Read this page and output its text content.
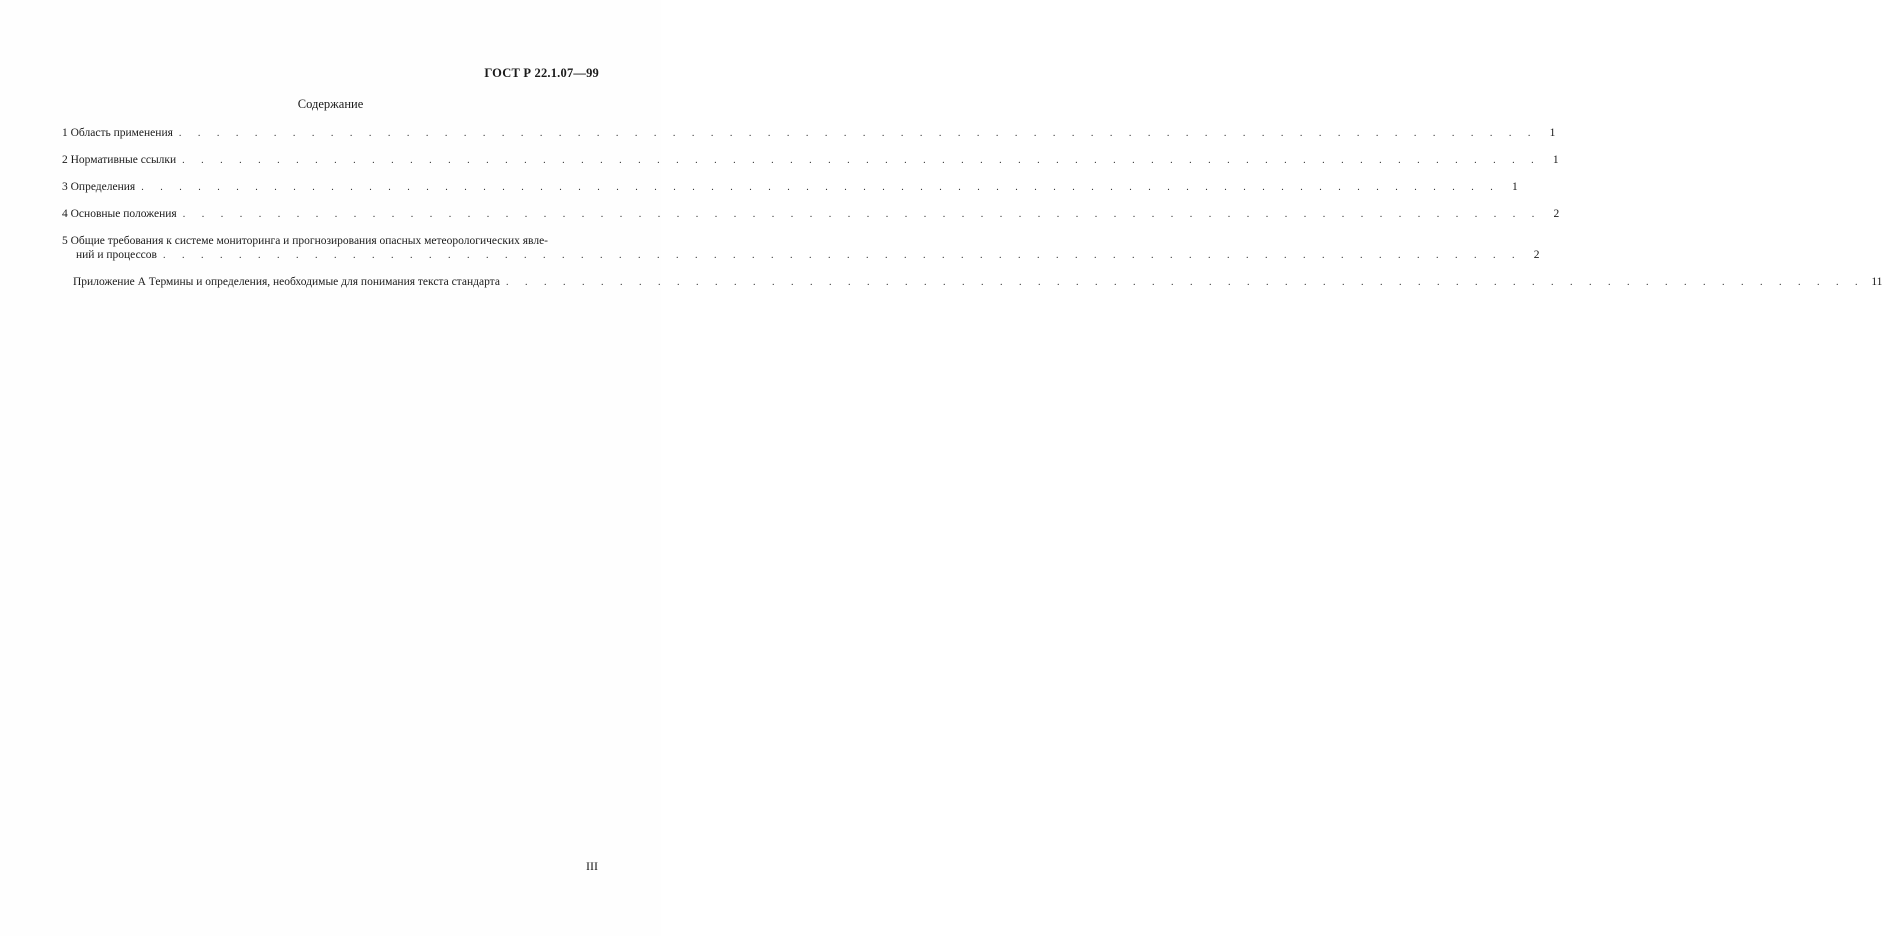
ГОСТ Р 22.1.07—99
Содержание
1 Область применения . . . . . . . . . . . . . . . . . . . . . . . . . . . . . . . . . . . . . . . . . . . . . . . . . . . . . . . . . . . . . . . . . . . . . . . .	1
2 Нормативные ссылки . . . . . . . . . . . . . . . . . . . . . . . . . . . . . . . . . . . . . . . . . . . . . . . . . . . . . . . . . . . . . . . . . . . . . . . .	1
3 Определения . . . . . . . . . . . . . . . . . . . . . . . . . . . . . . . . . . . . . . . . . . . . . . . . . . . . . . . . . . . . . . . . . . . . . . . .	1
4 Основные положения . . . . . . . . . . . . . . . . . . . . . . . . . . . . . . . . . . . . . . . . . . . . . . . . . . . . . . . . . . . . . . . . . . . . . . . .	2
5 Общие требования к системе мониторинга и прогнозирования опасных метеорологических явле-
ний и процессов . . . . . . . . . . . . . . . . . . . . . . . . . . . . . . . . . . . . . . . . . . . . . . . . . . . . . . . . . . . . . . . . . . . . . . . .	2
Приложение А Термины и определения, необходимые для понимания текста стандарта . . . . . . . . . . . . . . . . . . . . . . . . . . . . . . . . . . . . . . . . . . . . . . . . . . . . . . . . . . . . . . . . . . . . . . . . 11
III
